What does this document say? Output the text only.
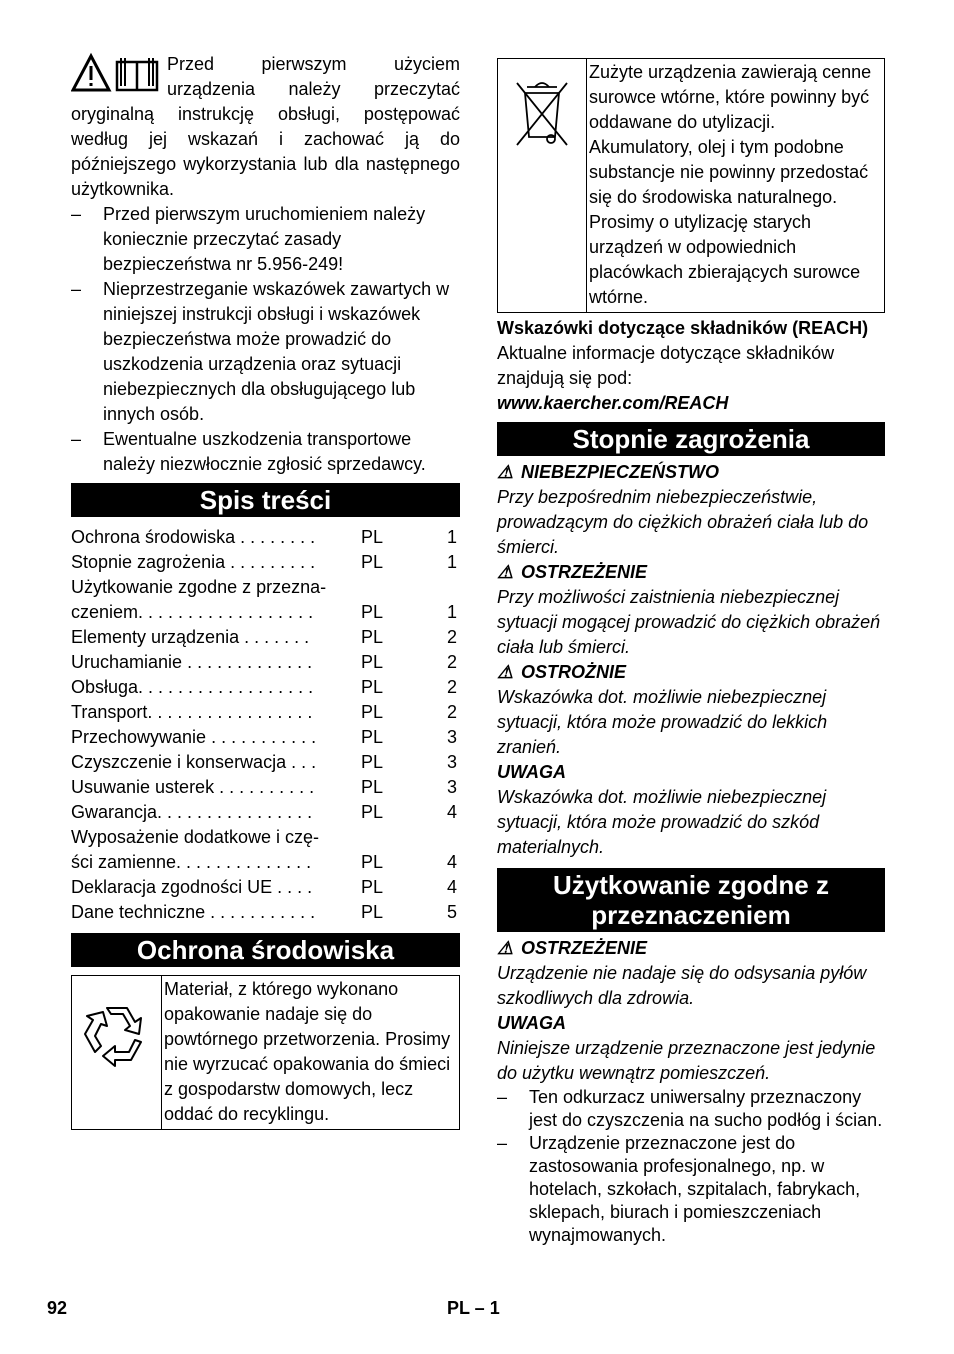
Przed pierwszym użyciem urządzenia należy przeczytać oryginalną instrukcję obsługi, postępować według jej wskazań i zachować ją do późniejszego wykorzystania lub dla następnego użytkownika.

– Przed pierwszym uruchomieniem należy koniecznie przeczytać zasady bezpieczeństwa nr 5.956-249!
– Nieprzestrzeganie wskazówek zawartych w niniejszej instrukcji obsługi i wskazówek bezpieczeństwa może prowadzić do uszkodzenia urządzenia oraz sytuacji niebezpiecznych dla obsługującego lub innych osób.
– Ewentualne uszkodzenia transportowe należy niezwłocznie zgłosić sprzedawcy.
Spis treści
Ochrona środowiska . . . . . . . .	PL	1
Stopnie zagrożenia . . . . . . . . .	PL	1
Użytkowanie zgodne z przezna-
czeniem. . . . . . . . . . . . . . . . . .	PL	1
Elementy urządzenia . . . . . . .	PL	2
Uruchamianie . . . . . . . . . . . . .	PL	2
Obsługa. . . . . . . . . . . . . . . . . .	PL	2
Transport. . . . . . . . . . . . . . . . .	PL	2
Przechowywanie . . . . . . . . . . .	PL	3
Czyszczenie i konserwacja . . .	PL	3
Usuwanie usterek . . . . . . . . . .	PL	3
Gwarancja. . . . . . . . . . . . . . . .	PL	4
Wyposażenie dodatkowe i czę-
ści zamienne. . . . . . . . . . . . . .	PL	4
Deklaracja zgodności UE . . . .	PL	4
Dane techniczne . . . . . . . . . . .	PL	5
Ochrona środowiska
Materiał, z którego wykonano opakowanie nadaje się do powtórnego przetworzenia. Prosimy nie wyrzucać opakowania do śmieci z gospodarstw domowych, lecz oddać do recyklingu.
Zużyte urządzenia zawierają cenne surowce wtórne, które powinny być oddawane do utylizacji. Akumulatory, olej i tym podobne substancje nie powinny przedostać się do środowiska naturalnego. Prosimy o utylizację starych urządzeń w odpowiednich placówkach zbierających surowce wtórne.

Wskazówki dotyczące składników (REACH)

Aktualne informacje dotyczące składników znajdują się pod:

www.kaercher.com/REACH

Stopnie zagrożenia

⚠ NIEBEZPIECZEŃSTWO

Przy bezpośrednim niebezpieczeństwie, prowadzącym do ciężkich obrażeń ciała lub do śmierci.

⚠ OSTRZEŻENIE

Przy możliwości zaistnienia niebezpiecznej sytuacji mogącej prowadzić do ciężkich obrażeń ciała lub śmierci.

⚠ OSTROŻNIE

Wskazówka dot. możliwie niebezpiecznej sytuacji, która może prowadzić do lekkich zranień.

UWAGA

Wskazówka dot. możliwie niebezpiecznej sytuacji, która może prowadzić do szkód materialnych.

Użytkowanie zgodne z przeznaczeniem

⚠ OSTRZEŻENIE

Urządzenie nie nadaje się do odsysania pyłów szkodliwych dla zdrowia.

UWAGA

Niniejsze urządzenie przeznaczone jest jedynie do użytku wewnątrz pomieszczeń.

– Ten odkurzacz uniwersalny przeznaczony jest do czyszczenia na sucho podłóg i ścian.
– Urządzenie przeznaczone jest do zastosowania profesjonalnego, np. w hotelach, szkołach, szpitalach, fabrykach, sklepach, biurach i pomieszczeniach wynajmowanych.
92	PL – 1
